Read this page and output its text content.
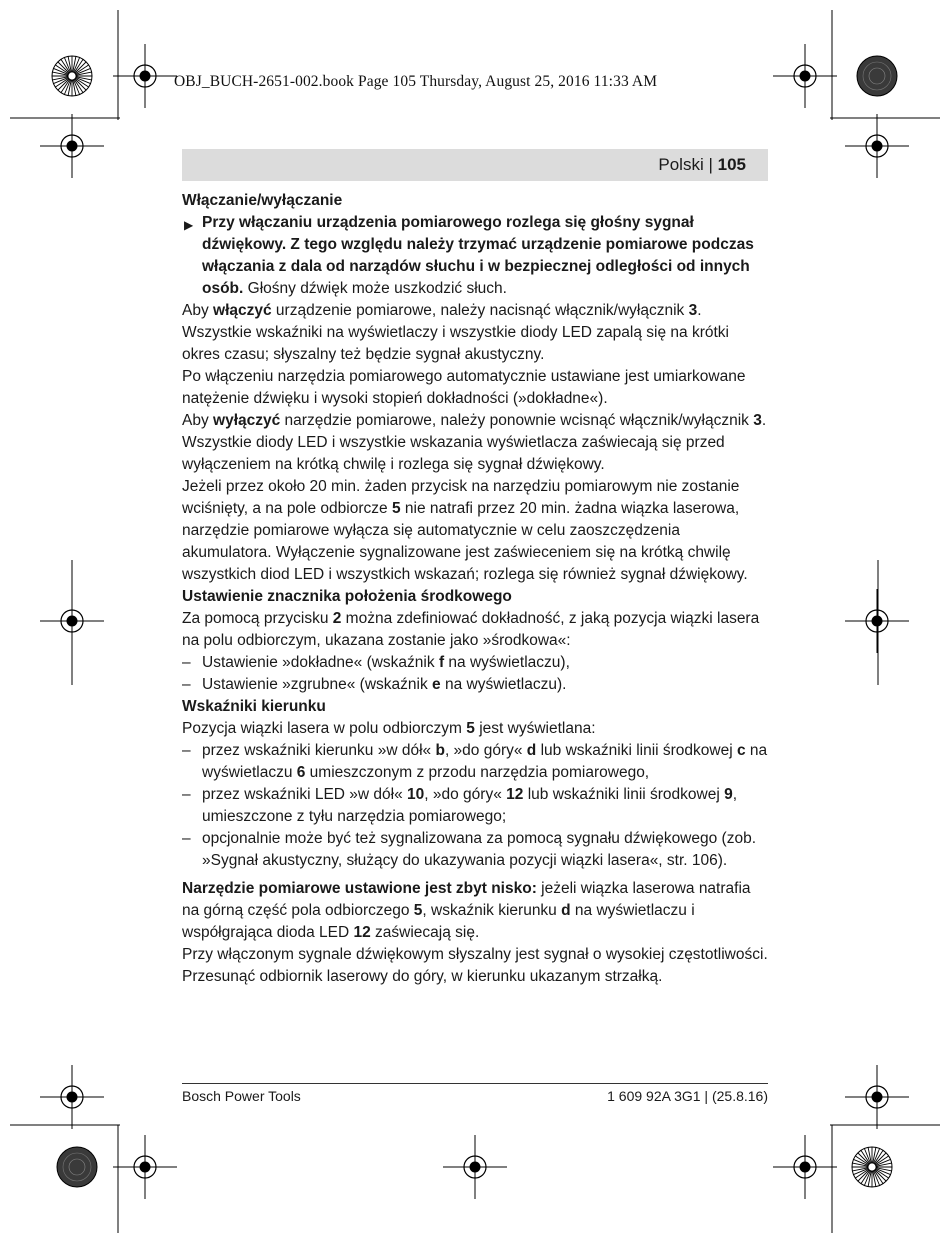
OBJ_BUCH-2651-002.book Page 105 Thursday, August 25, 2016 11:33 AM
Polski | 105

Włączanie/wyłączanie

▶ Przy włączaniu urządzenia pomiarowego rozlega się głośny sygnał dźwiękowy. Z tego względu należy trzymać urządzenie pomiarowe podczas włączania z dala od narządów słuchu i w bezpiecznej odległości od innych osób. Głośny dźwięk może uszkodzić słuch.

Aby włączyć urządzenie pomiarowe, należy nacisnąć włącznik/wyłącznik 3. Wszystkie wskaźniki na wyświetlaczy i wszystkie diody LED zapalą się na krótki okres czasu; słyszalny też będzie sygnał akustyczny.

Po włączeniu narzędzia pomiarowego automatycznie ustawiane jest umiarkowane natężenie dźwięku i wysoki stopień dokładności (»dokładne«).

Aby wyłączyć narzędzie pomiarowe, należy ponownie wcisnąć włącznik/wyłącznik 3. Wszystkie diody LED i wszystkie wskazania wyświetlacza zaświecają się przed wyłączeniem na krótką chwilę i rozlega się sygnał dźwiękowy.

Jeżeli przez około 20 min. żaden przycisk na narzędziu pomiarowym nie zostanie wciśnięty, a na pole odbiorcze 5 nie natrafi przez 20 min. żadna wiązka laserowa, narzędzie pomiarowe wyłącza się automatycznie w celu zaoszczędzenia akumulatora. Wyłączenie sygnalizowane jest zaświeceniem się na krótką chwilę wszystkich diod LED i wszystkich wskazań; rozlega się również sygnał dźwiękowy.

Ustawienie znacznika położenia środkowego

Za pomocą przycisku 2 można zdefiniować dokładność, z jaką pozycja wiązki lasera na polu odbiorczym, ukazana zostanie jako »środkowa«:

– Ustawienie »dokładne« (wskaźnik f na wyświetlaczu),
– Ustawienie »zgrubne« (wskaźnik e na wyświetlaczu).

Wskaźniki kierunku

Pozycja wiązki lasera w polu odbiorczym 5 jest wyświetlana:

– przez wskaźniki kierunku »w dół« b, »do góry« d lub wskaźniki linii środkowej c na wyświetlaczu 6 umieszczonym z przodu narzędzia pomiarowego,
– przez wskaźniki LED »w dół« 10, »do góry« 12 lub wskaźniki linii środkowej 9, umieszczone z tyłu narzędzia pomiarowego;
– opcjonalnie może być też sygnalizowana za pomocą sygnału dźwiękowego (zob. »Sygnał akustyczny, służący do ukazywania pozycji wiązki lasera«, str. 106).

Narzędzie pomiarowe ustawione jest zbyt nisko: jeżeli wiązka laserowa natrafia na górną część pola odbiorczego 5, wskaźnik kierunku d na wyświetlaczu i współgrająca dioda LED 12 zaświecają się.

Przy włączonym sygnale dźwiękowym słyszalny jest sygnał o wysokiej częstotliwości. Przesunąć odbiornik laserowy do góry, w kierunku ukazanym strzałką.

Bosch Power Tools	1 609 92A 3G1 | (25.8.16)
